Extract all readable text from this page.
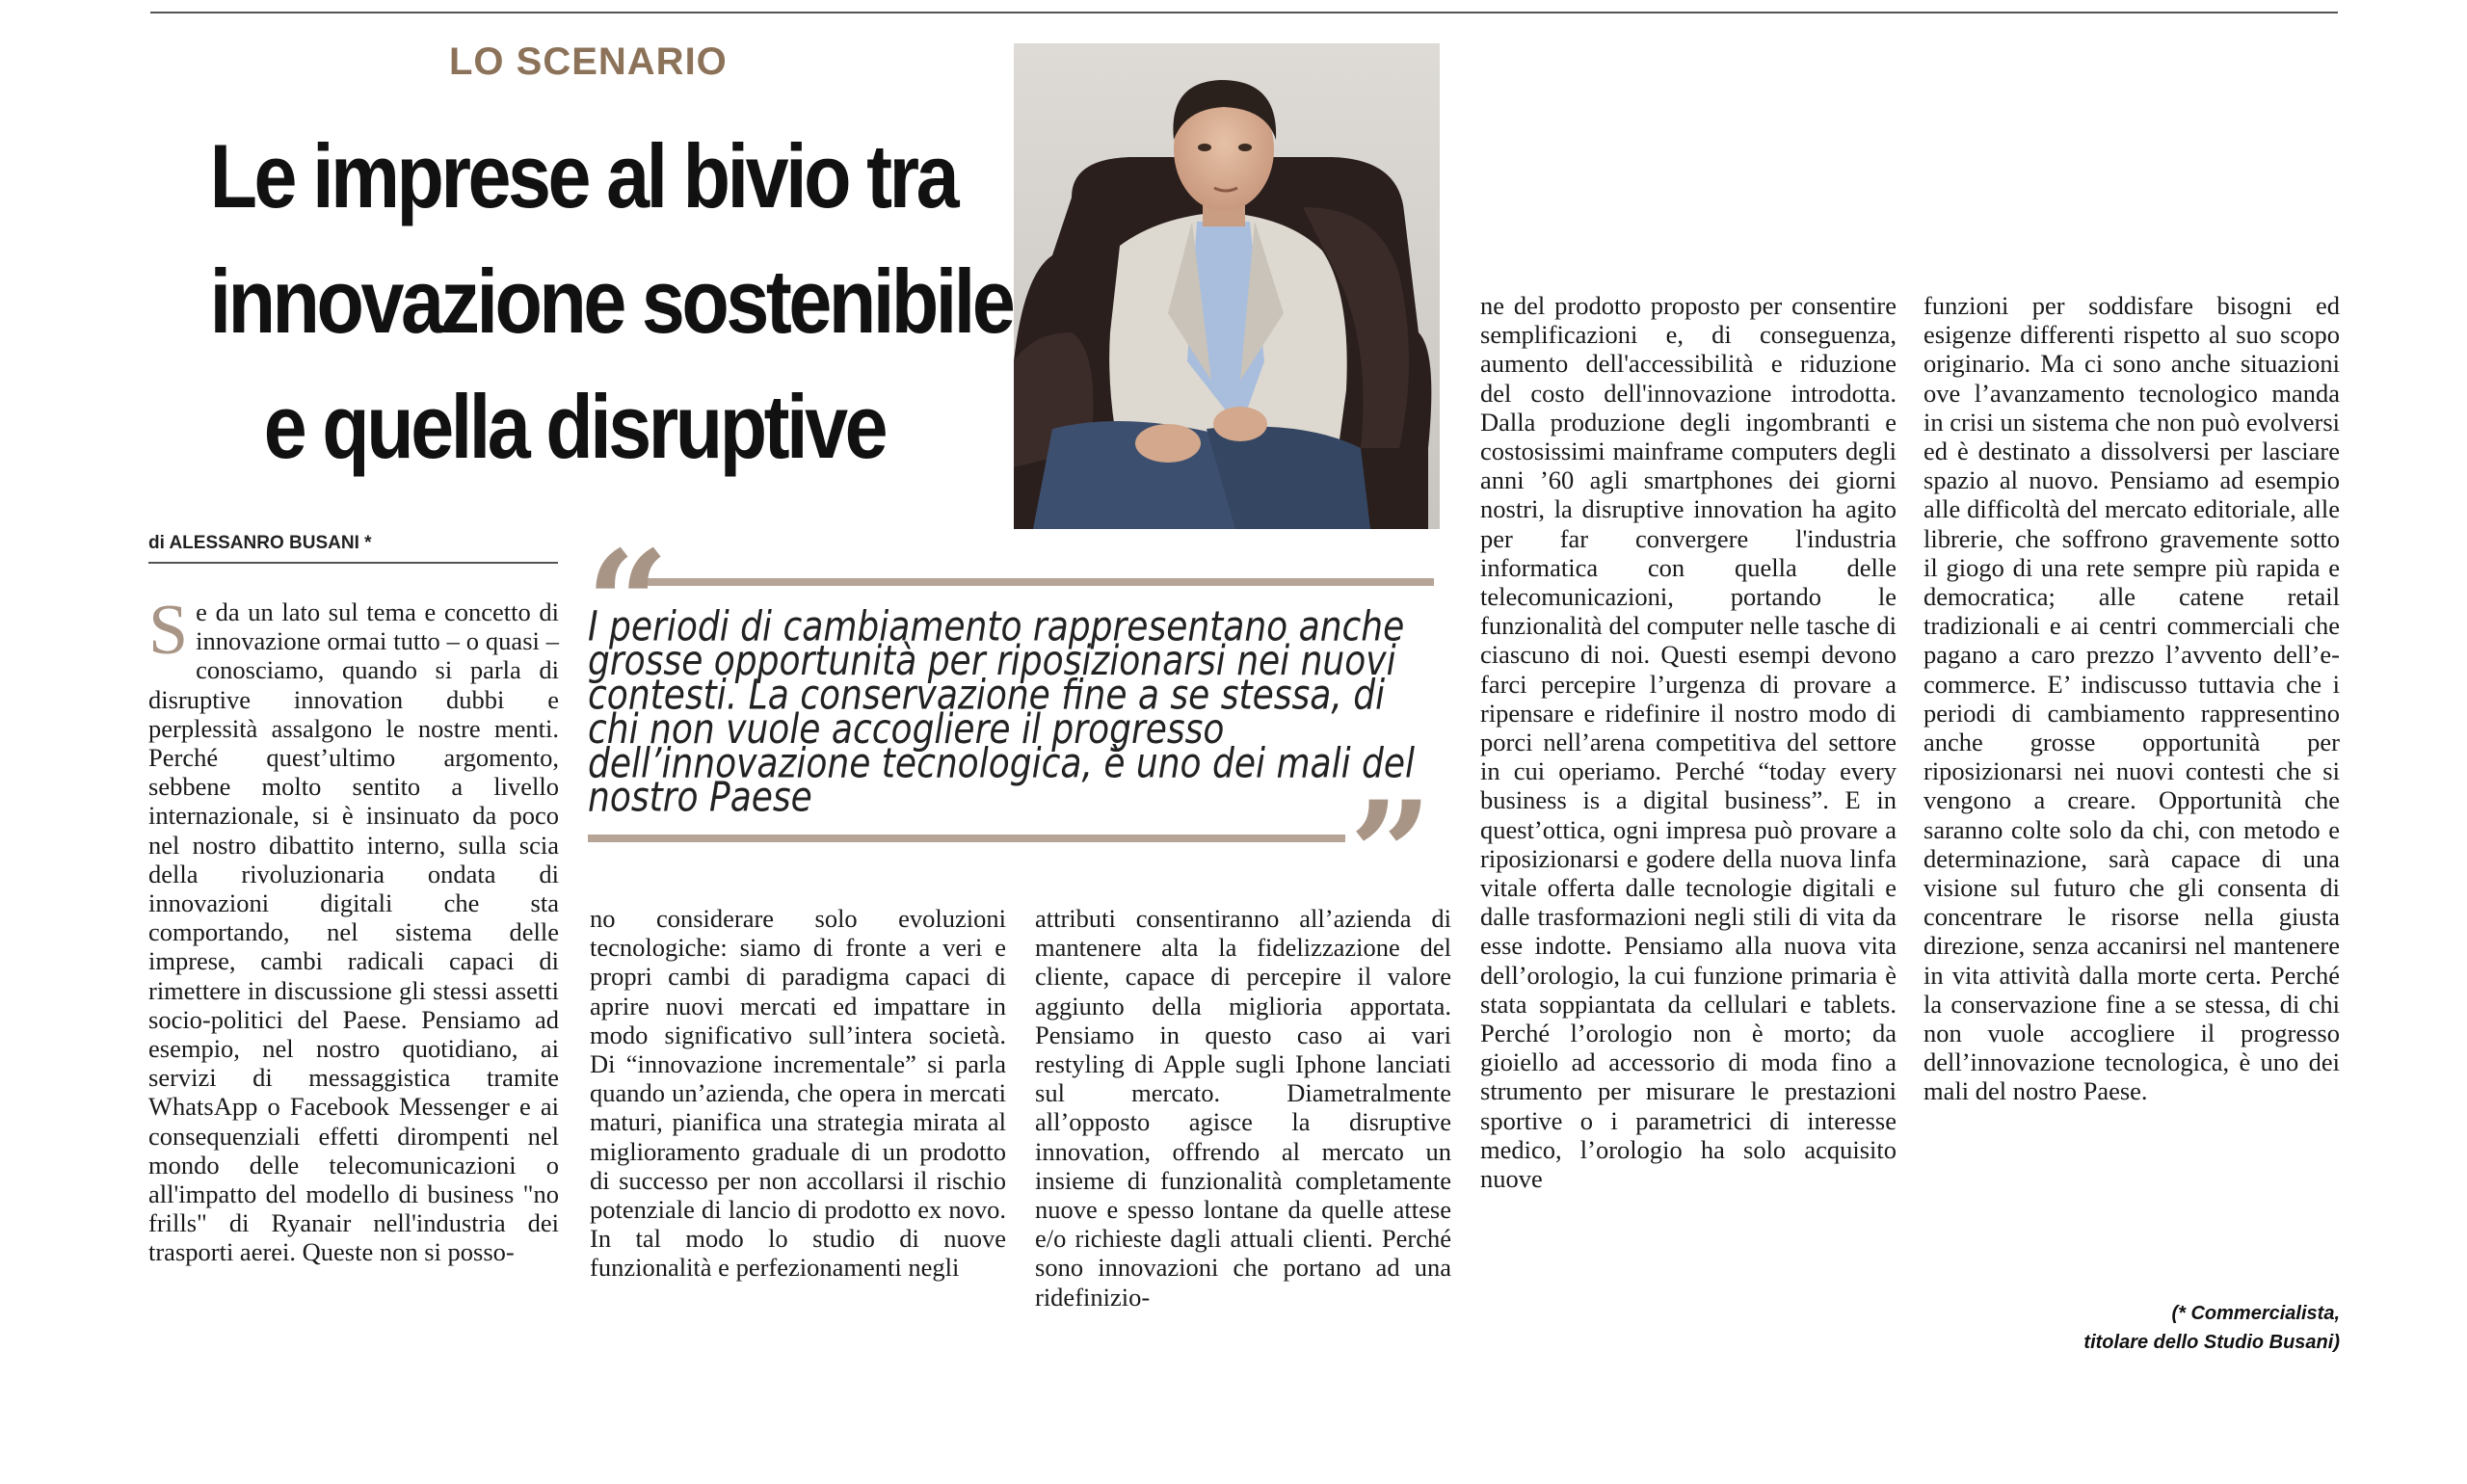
LO SCENARIO
Le imprese al bivio tra
innovazione sostenibile
e quella disruptive
di ALESSANRO BUSANI *	“

I periodi di cambiamento rappresentano anche grosse opportunità per riposizionarsi nei nuovi contesti. La conservazione fine a se stessa, di chi non vuole accogliere il progresso dell’innovazione tecnologica, è uno dei mali del nostro Paese	”
S e da un lato sul tema e concetto di innovazione ormai tutto – o quasi – conosciamo, quando si parla di disruptive innovation dubbi e perplessità assalgono le nostre menti. Perché quest’ultimo argomento, sebbene molto sentito a livello internazionale, si è insinuato da poco nel nostro dibattito interno, sulla scia della rivoluzionaria ondata di innovazioni digitali che sta comportando, nel sistema delle imprese, cambi radicali capaci di rimettere in discussione gli stessi assetti socio-politici del Paese. Pensiamo ad esempio, nel nostro quotidiano, ai servizi di messaggistica tramite WhatsApp o Facebook Messenger e ai consequenziali effetti dirompenti nel mondo delle telecomunicazioni o all'impatto del modello di business "no frills" di Ryanair nell'industria dei trasporti aerei. Queste non si posso-

no considerare solo evoluzioni tecnologiche: siamo di fronte a veri e propri cambi di paradigma capaci di aprire nuovi mercati ed impattare in modo significativo sull’intera società. Di “innovazione incrementale” si parla quando un’azienda, che opera in mercati maturi, pianifica una strategia mirata al miglioramento graduale di un prodotto di successo per non accollarsi il rischio potenziale di lancio di prodotto ex novo. In tal modo lo studio di nuove funzionalità e perfezionamenti negli

attributi consentiranno all’azienda di mantenere alta la fidelizzazione del cliente, capace di percepire il valore aggiunto della miglioria apportata. Pensiamo in questo caso ai vari restyling di Apple sugli Iphone lanciati sul mercato. Diametralmente all’opposto agisce la disruptive innovation, offrendo al mercato un insieme di funzionalità completamente nuove e spesso lontane da quelle attese e/o richieste dagli attuali clienti. Perché sono innovazioni che portano ad una ridefinizio-

ne del prodotto proposto per consentire semplificazioni e, di conseguenza, aumento dell'accessibilità e riduzione del costo dell'innovazione introdotta. Dalla produzione degli ingombranti e costosissimi mainframe computers degli anni ’60 agli smartphones dei giorni nostri, la disruptive innovation ha agito per far convergere l'industria informatica con quella delle telecomunicazioni, portando le funzionalità del computer nelle tasche di ciascuno di noi. Questi esempi devono farci percepire l’urgenza di provare a ripensare e ridefinire il nostro modo di porci nell’arena competitiva del settore in cui operiamo. Perché “today every business is a digital business”. E in quest’ottica, ogni impresa può provare a riposizionarsi e godere della nuova linfa vitale offerta dalle tecnologie digitali e dalle trasformazioni negli stili di vita da esse indotte. Pensiamo alla nuova vita dell’orologio, la cui funzione primaria è stata soppiantata da cellulari e tablets. Perché l’orologio non è morto; da gioiello ad accessorio di moda fino a strumento per misurare le prestazioni sportive o i parametrici di interesse medico, l’orologio ha solo acquisito nuove

funzioni per soddisfare bisogni ed esigenze differenti rispetto al suo scopo originario. Ma ci sono anche situazioni ove l’avanzamento tecnologico manda in crisi un sistema che non può evolversi ed è destinato a dissolversi per lasciare spazio al nuovo. Pensiamo ad esempio alle difficoltà del mercato editoriale, alle librerie, che soffrono gravemente sotto il giogo di una rete sempre più rapida e democratica; alle catene retail tradizionali e ai centri commerciali che pagano a caro prezzo l’avvento dell’e-commerce. E’ indiscusso tuttavia che i periodi di cambiamento rappresentino anche grosse opportunità per riposizionarsi nei nuovi contesti che si vengono a creare. Opportunità che saranno colte solo da chi, con metodo e determinazione, sarà capace di una visione sul futuro che gli consenta di concentrare le risorse nella giusta direzione, senza accanirsi nel mantenere in vita attività dalla morte certa. Perché la conservazione fine a se stessa, di chi non vuole accogliere il progresso dell’innovazione tecnologica, è uno dei mali del nostro Paese.

(* Commercialista,
titolare dello Studio Busani)
